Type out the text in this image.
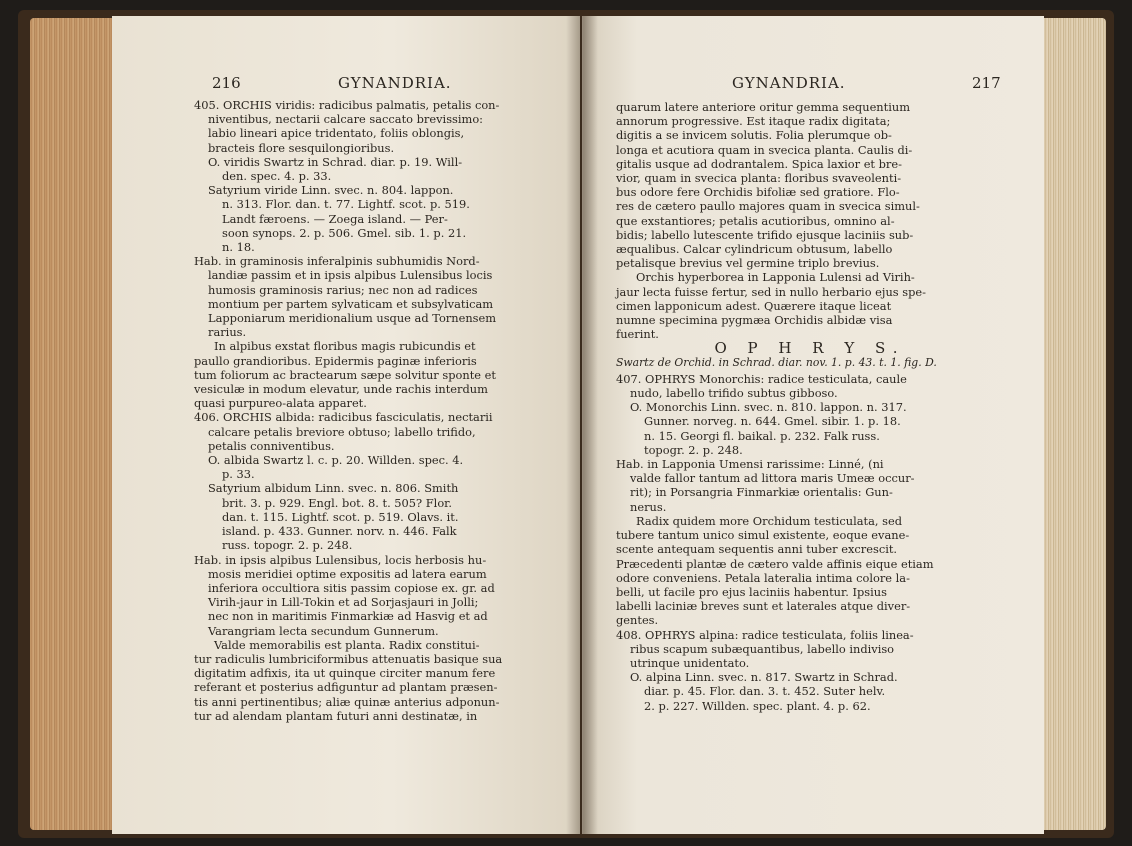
216	GYNANDRIA.

405. ORCHIS viridis: radicibus palmatis, petalis con-

niventibus, nectarii calcare saccato brevissimo:

labio lineari apice tridentato, foliis oblongis,

bracteis flore sesquilongioribus.

O. viridis Swartz in Schrad. diar. p. 19. Will-

den. spec. 4. p. 33.

Satyrium viride Linn. svec. n. 804. lappon.

n. 313. Flor. dan. t. 77. Lightf. scot. p. 519.

Landt færoens. — Zoega island. — Per-

soon synops. 2. p. 506. Gmel. sib. 1. p. 21.

n. 18.

Hab. in graminosis inferalpinis subhumidis Nord-

landiæ passim et in ipsis alpibus Lulensibus locis

humosis graminosis rarius; nec non ad radices

montium per partem sylvaticam et subsylvaticam

Lapponiarum meridionalium usque ad Tornensem

rarius.

In alpibus exstat floribus magis rubicundis et

paullo grandioribus. Epidermis paginæ inferioris

tum foliorum ac bractearum sæpe solvitur sponte et

vesiculæ in modum elevatur, unde rachis interdum

quasi purpureo-alata apparet.

406. ORCHIS albida: radicibus fasciculatis, nectarii

calcare petalis breviore obtuso; labello trifido,

petalis conniventibus.

O. albida Swartz l. c. p. 20. Willden. spec. 4.

p. 33.

Satyrium albidum Linn. svec. n. 806. Smith

brit. 3. p. 929. Engl. bot. 8. t. 505? Flor.

dan. t. 115. Lightf. scot. p. 519. Olavs. it.

island. p. 433. Gunner. norv. n. 446. Falk

russ. topogr. 2. p. 248.

Hab. in ipsis alpibus Lulensibus, locis herbosis hu-

mosis meridiei optime expositis ad latera earum

inferiora occultiora sitis passim copiose ex. gr. ad

Virih-jaur in Lill-Tokin et ad Sorjasjauri in Jolli;

nec non in maritimis Finmarkiæ ad Hasvig et ad

Varangriam lecta secundum Gunnerum.

Valde memorabilis est planta. Radix constitui-

tur radiculis lumbriciformibus attenuatis basique sua

digitatim adfixis, ita ut quinque circiter manum fere

referant et posterius adfiguntur ad plantam præsen-

tis anni pertinentibus; aliæ quinæ anterius adponun-

tur ad alendam plantam futuri anni destinatæ, in

GYNANDRIA.	217

quarum latere anteriore oritur gemma sequentium

annorum progressive. Est itaque radix digitata;

digitis a se invicem solutis. Folia plerumque ob-

longa et acutiora quam in svecica planta. Caulis di-

gitalis usque ad dodrantalem. Spica laxior et bre-

vior, quam in svecica planta: floribus svaveolenti-

bus odore fere Orchidis bifoliæ sed gratiore. Flo-

res de cætero paullo majores quam in svecica simul-

que exstantiores; petalis acutioribus, omnino al-

bidis; labello lutescente trifido ejusque laciniis sub-

æqualibus. Calcar cylindricum obtusum, labello

petalisque brevius vel germine triplo brevius.

Orchis hyperborea in Lapponia Lulensi ad Virih-

jaur lecta fuisse fertur, sed in nullo herbario ejus spe-

cimen lapponicum adest. Quærere itaque liceat

numne specimina pygmæa Orchidis albidæ visa

fuerint.

O P H R Y S.

Swartz de Orchid. in Schrad. diar. nov. 1. p. 43. t. 1. fig. D.

407. OPHRYS Monorchis: radice testiculata, caule

nudo, labello trifido subtus gibboso.

O. Monorchis Linn. svec. n. 810. lappon. n. 317.

Gunner. norveg. n. 644. Gmel. sibir. 1. p. 18.

n. 15. Georgi fl. baikal. p. 232. Falk russ.

topogr. 2. p. 248.

Hab. in Lapponia Umensi rarissime: Linné, (ni

valde fallor tantum ad littora maris Umeæ occur-

rit); in Porsangria Finmarkiæ orientalis: Gun-

nerus.

Radix quidem more Orchidum testiculata, sed

tubere tantum unico simul existente, eoque evane-

scente antequam sequentis anni tuber excrescit.

Præcedenti plantæ de cætero valde affinis eique etiam

odore conveniens. Petala lateralia intima colore la-

belli, ut facile pro ejus laciniis habentur. Ipsius

labelli laciniæ breves sunt et laterales atque diver-

gentes.

408. OPHRYS alpina: radice testiculata, foliis linea-

ribus scapum subæquantibus, labello indiviso

utrinque unidentato.

O. alpina Linn. svec. n. 817. Swartz in Schrad.

diar. p. 45. Flor. dan. 3. t. 452. Suter helv.

2. p. 227. Willden. spec. plant. 4. p. 62.
